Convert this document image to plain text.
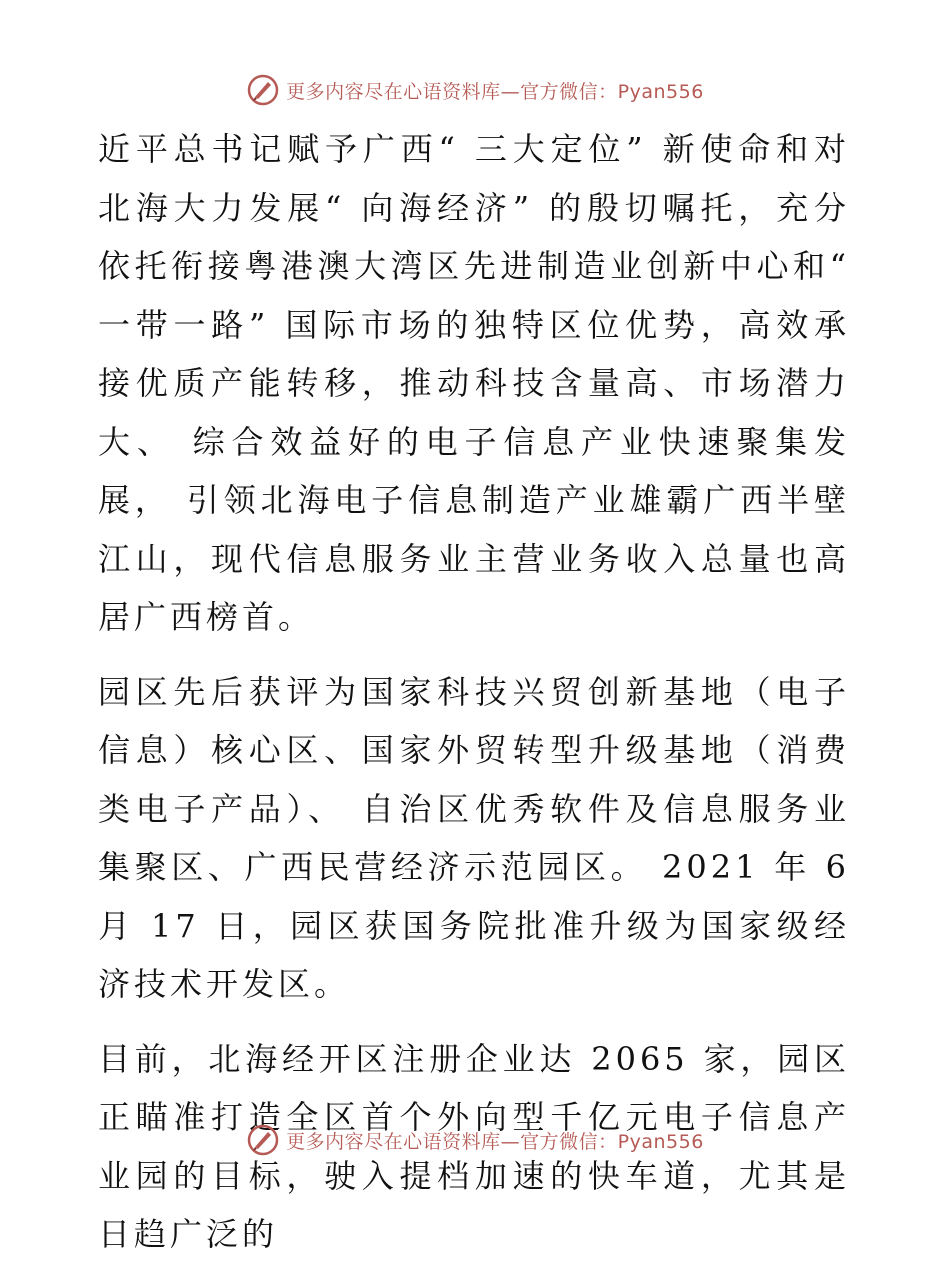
更多内容尽在心语资料库—官方微信：Pyan556

近平总书记赋予广西“ 三大定位” 新使命和对北海大力发展“ 向海经济” 的殷切嘱托，充分依托衔接粤港澳大湾区先进制造业创新中心和“ 一带一路” 国际市场的独特区位优势，高效承接优质产能转移，推动科技含量高、市场潜力大、 综合效益好的电子信息产业快速聚集发展， 引领北海电子信息制造产业雄霸广西半壁江山，现代信息服务业主营业务收入总量也高居广西榜首。

园区先后获评为国家科技兴贸创新基地（电子信息）核心区、国家外贸转型升级基地（消费类电子产品）、 自治区优秀软件及信息服务业集聚区、广西民营经济示范园区。 2021 年 6 月 17 日，园区获国务院批准升级为国家级经济技术开发区。

目前，北海经开区注册企业达 2065 家，园区正瞄准打造全区首个外向型千亿元电子信息产业园的目标，驶入提档加速的快车道，尤其是日趋广泛的

更多内容尽在心语资料库—官方微信：Pyan556
